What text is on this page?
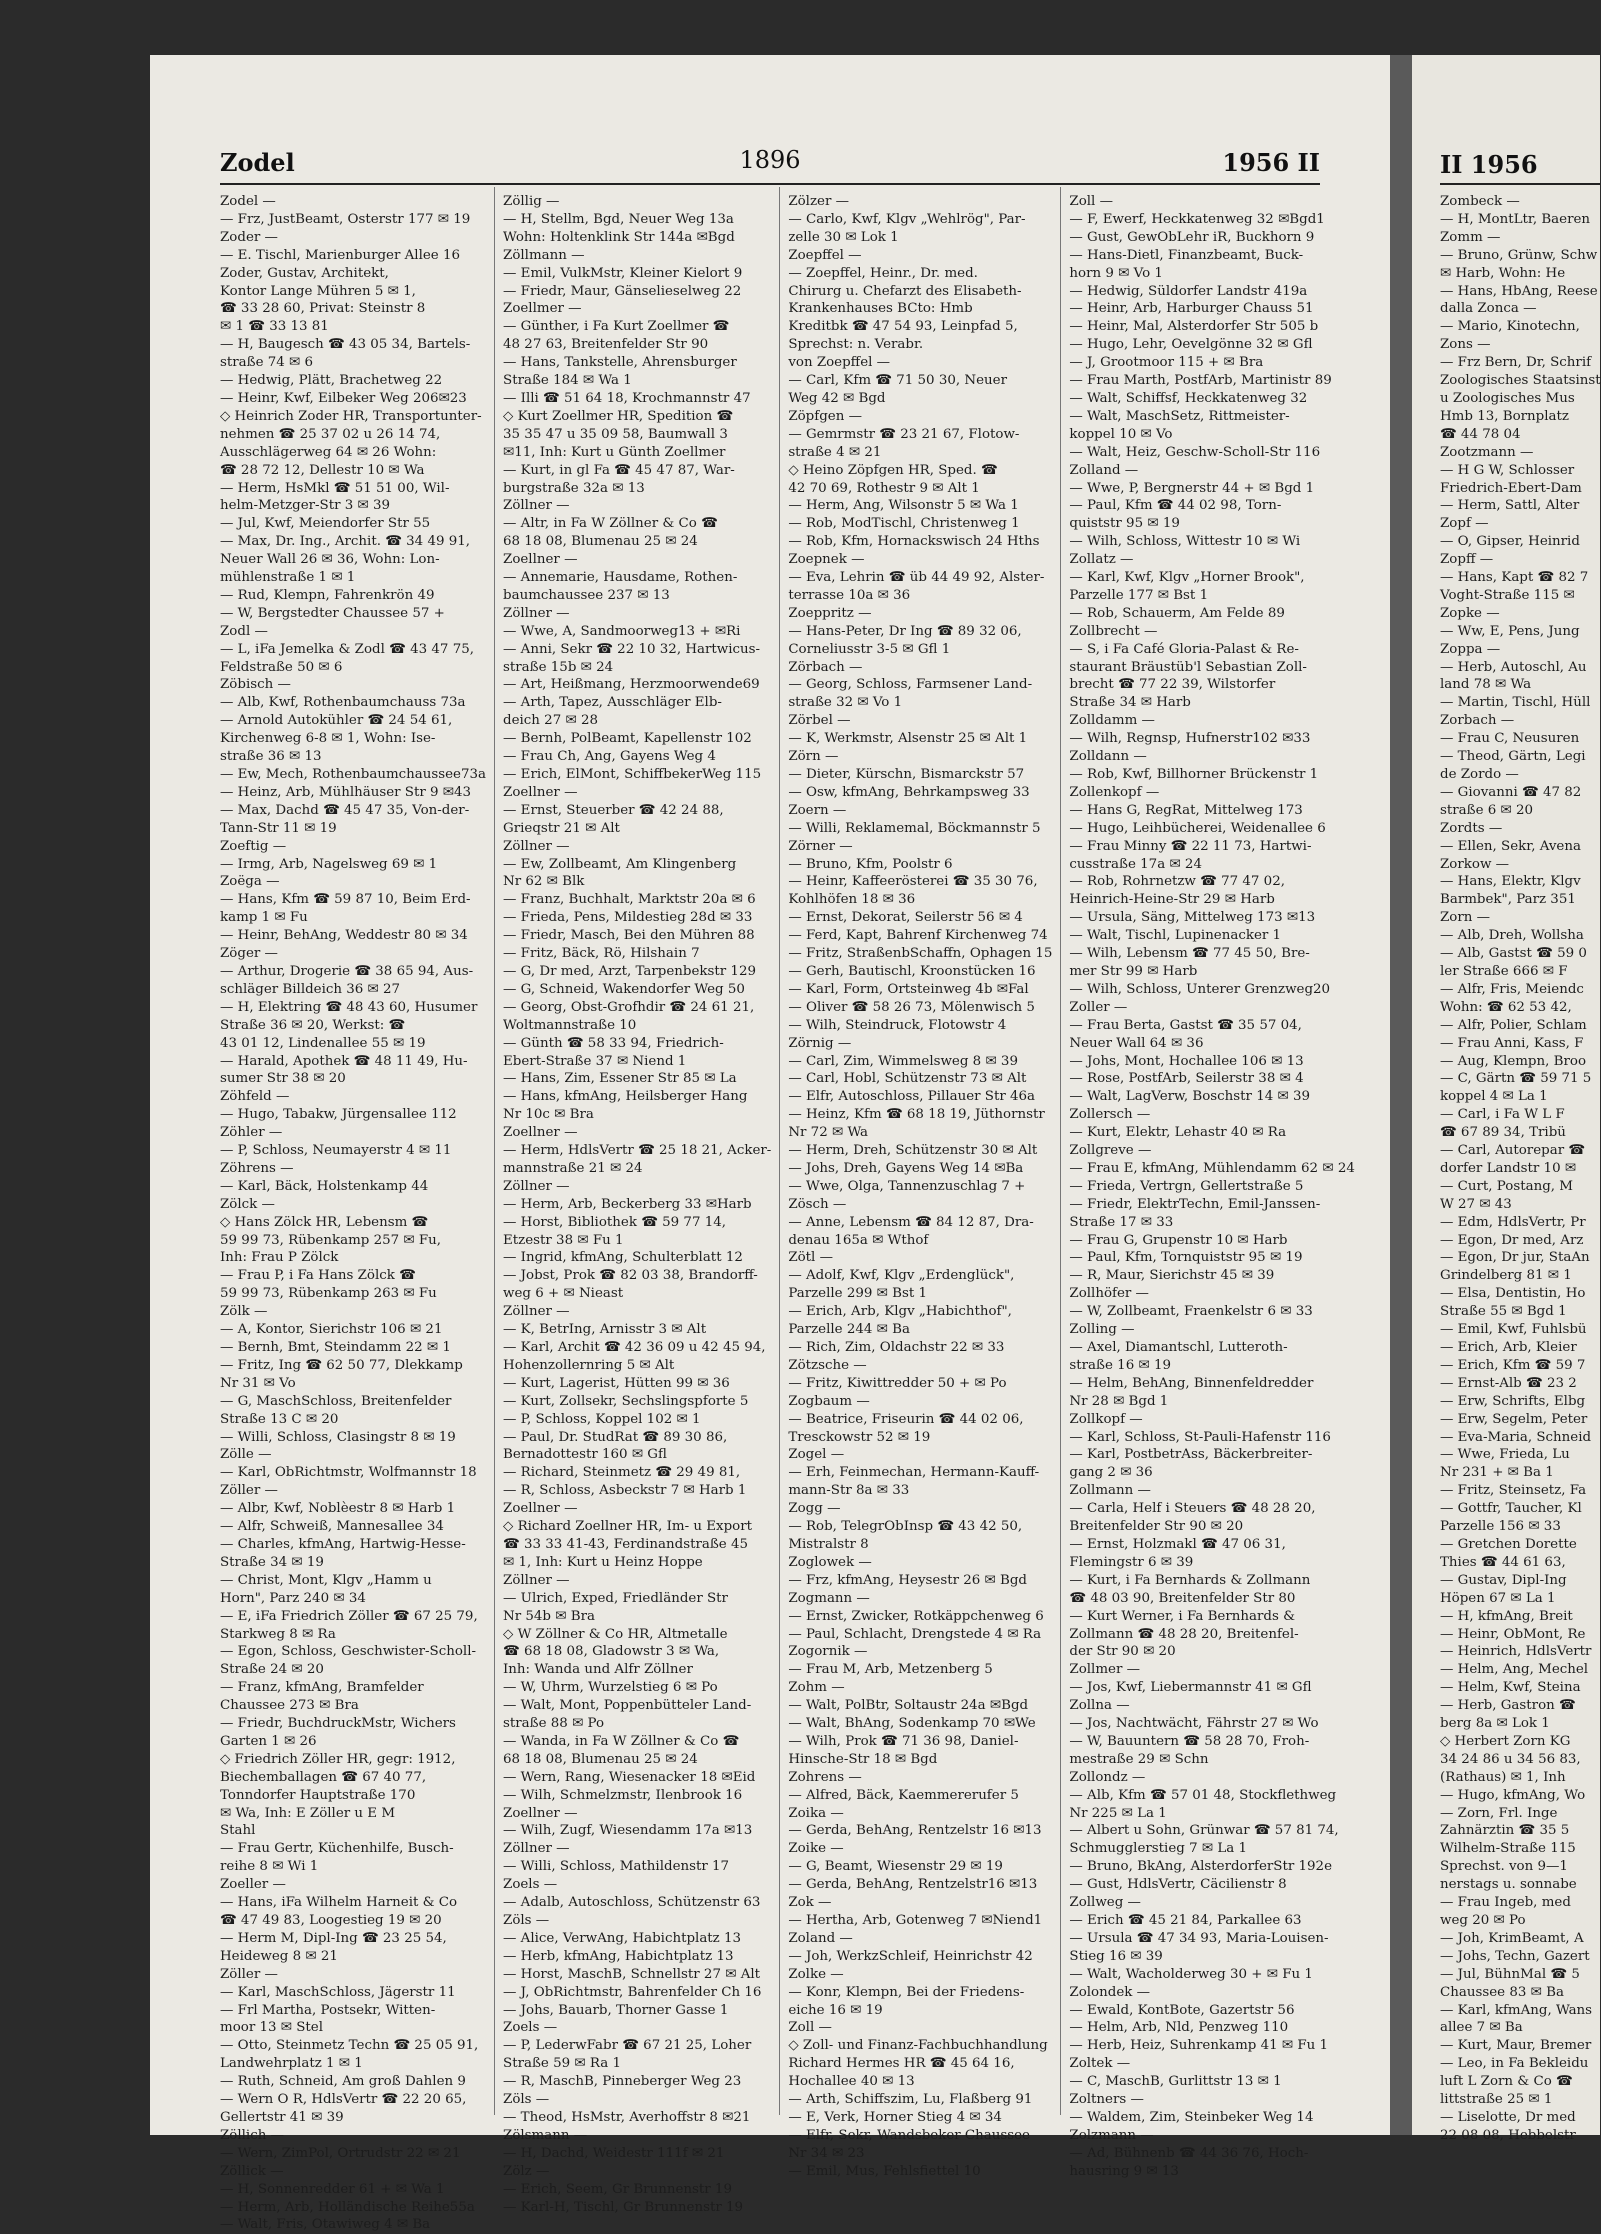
Zodel	1896	1956 II
Zodel —
— Frz, JustBeamt, Osterstr 177 ✉ 19
Zoder —
— E. Tischl, Marienburger Allee 16
Zoder, Gustav, Architekt,
Kontor Lange Mühren 5 ✉ 1,
☎ 33 28 60, Privat: Steinstr 8
✉ 1 ☎ 33 13 81
— H, Baugesch ☎ 43 05 34, Bartels-
straße 74 ✉ 6
— Hedwig, Plätt, Brachetweg 22
— Heinr, Kwf, Eilbeker Weg 206✉23
◇ Heinrich Zoder HR, Transportunter-
nehmen ☎ 25 37 02 u 26 14 74,
Ausschlägerweg 64 ✉ 26 Wohn:
☎ 28 72 12, Dellestr 10 ✉ Wa
— Herm, HsMkl ☎ 51 51 00, Wil-
helm-Metzger-Str 3 ✉ 39
— Jul, Kwf, Meiendorfer Str 55
— Max, Dr. Ing., Archit. ☎ 34 49 91,
Neuer Wall 26 ✉ 36, Wohn: Lon-
mühlenstraße 1 ✉ 1
— Rud, Klempn, Fahrenkrön 49
— W, Bergstedter Chaussee 57 +
Zodl —
— L, iFa Jemelka & Zodl ☎ 43 47 75,
Feldstraße 50 ✉ 6
Zöbisch —
— Alb, Kwf, Rothenbaumchauss 73a
— Arnold Autokühler ☎ 24 54 61,
Kirchenweg 6-8 ✉ 1, Wohn: Ise-
straße 36 ✉ 13
— Ew, Mech, Rothenbaumchaussee73a
— Heinz, Arb, Mühlhäuser Str 9 ✉43
— Max, Dachd ☎ 45 47 35, Von-der-
Tann-Str 11 ✉ 19
Zoeftig —
— Irmg, Arb, Nagelsweg 69 ✉ 1
Zoëga —
— Hans, Kfm ☎ 59 87 10, Beim Erd-
kamp 1 ✉ Fu
— Heinr, BehAng, Weddestr 80 ✉ 34
Zöger —
— Arthur, Drogerie ☎ 38 65 94, Aus-
schläger Billdeich 36 ✉ 27
— H, Elektring ☎ 48 43 60, Husumer
Straße 36 ✉ 20, Werkst: ☎
43 01 12, Lindenallee 55 ✉ 19
— Harald, Apothek ☎ 48 11 49, Hu-
sumer Str 38 ✉ 20
Zöhfeld —
— Hugo, Tabakw, Jürgensallee 112
Zöhler —
— P, Schloss, Neumayerstr 4 ✉ 11
Zöhrens —
— Karl, Bäck, Holstenkamp 44
Zölck —
◇ Hans Zölck HR, Lebensm ☎
59 99 73, Rübenkamp 257 ✉ Fu,
Inh: Frau P Zölck
— Frau P, i Fa Hans Zölck ☎
59 99 73, Rübenkamp 263 ✉ Fu
Zölk —
— A, Kontor, Sierichstr 106 ✉ 21
— Bernh, Bmt, Steindamm 22 ✉ 1
— Fritz, Ing ☎ 62 50 77, Dlekkamp
Nr 31 ✉ Vo
— G, MaschSchloss, Breitenfelder
Straße 13 C ✉ 20
— Willi, Schloss, Clasingstr 8 ✉ 19
Zölle —
— Karl, ObRichtmstr, Wolfmannstr 18
Zöller —
— Albr, Kwf, Noblèestr 8 ✉ Harb 1
— Alfr, Schweiß, Mannesallee 34
— Charles, kfmAng, Hartwig-Hesse-
Straße 34 ✉ 19
— Christ, Mont, Klgv „Hamm u
Horn", Parz 240 ✉ 34
— E, iFa Friedrich Zöller ☎ 67 25 79,
Starkweg 8 ✉ Ra
— Egon, Schloss, Geschwister-Scholl-
Straße 24 ✉ 20
— Franz, kfmAng, Bramfelder
Chaussee 273 ✉ Bra
— Friedr, BuchdruckMstr, Wichers
Garten 1 ✉ 26
◇ Friedrich Zöller HR, gegr: 1912,
Biechemballagen ☎ 67 40 77,
Tonndorfer Hauptstraße 170
✉ Wa, Inh: E Zöller u E M
Stahl
— Frau Gertr, Küchenhilfe, Busch-
reihe 8 ✉ Wi 1
Zoeller —
— Hans, iFa Wilhelm Harneit & Co
☎ 47 49 83, Loogestieg 19 ✉ 20
— Herm M, Dipl-Ing ☎ 23 25 54,
Heideweg 8 ✉ 21
Zöller —
— Karl, MaschSchloss, Jägerstr 11
— Frl Martha, Postsekr, Witten-
moor 13 ✉ Stel
— Otto, Steinmetz Techn ☎ 25 05 91,
Landwehrplatz 1 ✉ 1
— Ruth, Schneid, Am groß Dahlen 9
— Wern O R, HdlsVertr ☎ 22 20 65,
Gellertstr 41 ✉ 39
Zöllich —
— Wern, ZimPol, Ortrudstr 22 ✉ 21
Zöllick —
— H, Sonnenredder 61 + ✉ Wa 1
— Herm, Arb, Holländische Reihe55a
— Walt, Fris, Otawiweg 4 ✉ Ba
Zöllig —
— H, Stellm, Bgd, Neuer Weg 13a
Wohn: Holtenklink Str 144a ✉Bgd
Zöllmann —
— Emil, VulkMstr, Kleiner Kielort 9
— Friedr, Maur, Gänselieselweg 22
Zoellmer —
— Günther, i Fa Kurt Zoellmer ☎
48 27 63, Breitenfelder Str 90
— Hans, Tankstelle, Ahrensburger
Straße 184 ✉ Wa 1
— Illi ☎ 51 64 18, Krochmannstr 47
◇ Kurt Zoellmer HR, Spedition ☎
35 35 47 u 35 09 58, Baumwall 3
✉11, Inh: Kurt u Günth Zoellmer
— Kurt, in gl Fa ☎ 45 47 87, War-
burgstraße 32a ✉ 13
Zöllner —
— Altr, in Fa W Zöllner & Co ☎
68 18 08, Blumenau 25 ✉ 24
Zoellner —
— Annemarie, Hausdame, Rothen-
baumchaussee 237 ✉ 13
Zöllner —
— Wwe, A, Sandmoorweg13 + ✉Ri
— Anni, Sekr ☎ 22 10 32, Hartwicus-
straße 15b ✉ 24
— Art, Heißmang, Herzmoorwende69
— Arth, Tapez, Ausschläger Elb-
deich 27 ✉ 28
— Bernh, PolBeamt, Kapellenstr 102
— Frau Ch, Ang, Gayens Weg 4
— Erich, ElMont, SchiffbekerWeg 115
Zoellner —
— Ernst, Steuerber ☎ 42 24 88,
Grieqstr 21 ✉ Alt
Zöllner —
— Ew, Zollbeamt, Am Klingenberg
Nr 62 ✉ Blk
— Franz, Buchhalt, Marktstr 20a ✉ 6
— Frieda, Pens, Mildestieg 28d ✉ 33
— Friedr, Masch, Bei den Mühren 88
— Fritz, Bäck, Rö, Hilshain 7
— G, Dr med, Arzt, Tarpenbekstr 129
— G, Schneid, Wakendorfer Weg 50
— Georg, Obst-Grofhdir ☎ 24 61 21,
Woltmannstraße 10
— Günth ☎ 58 33 94, Friedrich-
Ebert-Straße 37 ✉ Niend 1
— Hans, Zim, Essener Str 85 ✉ La
— Hans, kfmAng, Heilsberger Hang
Nr 10c ✉ Bra
Zoellner —
— Herm, HdlsVertr ☎ 25 18 21, Acker-
mannstraße 21 ✉ 24
Zöllner —
— Herm, Arb, Beckerberg 33 ✉Harb
— Horst, Bibliothek ☎ 59 77 14,
Etzestr 38 ✉ Fu 1
— Ingrid, kfmAng, Schulterblatt 12
— Jobst, Prok ☎ 82 03 38, Brandorff-
weg 6 + ✉ Nieast
Zöllner —
— K, BetrIng, Arnisstr 3 ✉ Alt
— Karl, Archit ☎ 42 36 09 u 42 45 94,
Hohenzollernring 5 ✉ Alt
— Kurt, Lagerist, Hütten 99 ✉ 36
— Kurt, Zollsekr, Sechslingspforte 5
— P, Schloss, Koppel 102 ✉ 1
— Paul, Dr. StudRat ☎ 89 30 86,
Bernadottestr 160 ✉ Gfl
— Richard, Steinmetz ☎ 29 49 81,
— R, Schloss, Asbeckstr 7 ✉ Harb 1
Zoellner —
◇ Richard Zoellner HR, Im- u Export
☎ 33 33 41-43, Ferdinandstraße 45
✉ 1, Inh: Kurt u Heinz Hoppe
Zöllner —
— Ulrich, Exped, Friedländer Str
Nr 54b ✉ Bra
◇ W Zöllner & Co HR, Altmetalle
☎ 68 18 08, Gladowstr 3 ✉ Wa,
Inh: Wanda und Alfr Zöllner
— W, Uhrm, Wurzelstieg 6 ✉ Po
— Walt, Mont, Poppenbütteler Land-
straße 88 ✉ Po
— Wanda, in Fa W Zöllner & Co ☎
68 18 08, Blumenau 25 ✉ 24
— Wern, Rang, Wiesenacker 18 ✉Eid
— Wilh, Schmelzmstr, Ilenbrook 16
Zoellner —
— Wilh, Zugf, Wiesendamm 17a ✉13
Zöllner —
— Willi, Schloss, Mathildenstr 17
Zoels —
— Adalb, Autoschloss, Schützenstr 63
Zöls —
— Alice, VerwAng, Habichtplatz 13
— Herb, kfmAng, Habichtplatz 13
— Horst, MaschB, Schnellstr 27 ✉ Alt
— J, ObRichtmstr, Bahrenfelder Ch 16
— Johs, Bauarb, Thorner Gasse 1
Zoels —
— P, LederwFabr ☎ 67 21 25, Loher
Straße 59 ✉ Ra 1
— R, MaschB, Pinneberger Weg 23
Zöls —
— Theod, HsMstr, Averhoffstr 8 ✉21
Zölsmann —
— H, Dachd, Weidestr 111f ✉ 21
Zölz —
— Erich, Seem, Gr Brunnenstr 19
— Karl-H, Tischl, Gr Brunnenstr 19
Zölzer —
— Carlo, Kwf, Klgv „Wehlrög", Par-
zelle 30 ✉ Lok 1
Zoepffel —
— Zoepffel, Heinr., Dr. med.
Chirurg u. Chefarzt des Elisabeth-
Krankenhauses BCto: Hmb
Kreditbk ☎ 47 54 93, Leinpfad 5,
Sprechst: n. Verabr.
von Zoepffel —
— Carl, Kfm ☎ 71 50 30, Neuer
Weg 42 ✉ Bgd
Zöpfgen —
— Gemrmstr ☎ 23 21 67, Flotow-
straße 4 ✉ 21
◇ Heino Zöpfgen HR, Sped. ☎
42 70 69, Rothestr 9 ✉ Alt 1
— Herm, Ang, Wilsonstr 5 ✉ Wa 1
— Rob, ModTischl, Christenweg 1
— Rob, Kfm, Hornackswisch 24 Hths
Zoepnek —
— Eva, Lehrin ☎ üb 44 49 92, Alster-
terrasse 10a ✉ 36
Zoeppritz —
— Hans-Peter, Dr Ing ☎ 89 32 06,
Corneliusstr 3-5 ✉ Gfl 1
Zörbach —
— Georg, Schloss, Farmsener Land-
straße 32 ✉ Vo 1
Zörbel —
— K, Werkmstr, Alsenstr 25 ✉ Alt 1
Zörn —
— Dieter, Kürschn, Bismarckstr 57
— Osw, kfmAng, Behrkampsweg 33
Zoern —
— Willi, Reklamemal, Böckmannstr 5
Zörner —
— Bruno, Kfm, Poolstr 6
— Heinr, Kaffeerösterei ☎ 35 30 76,
Kohlhöfen 18 ✉ 36
— Ernst, Dekorat, Seilerstr 56 ✉ 4
— Ferd, Kapt, Bahrenf Kirchenweg 74
— Fritz, StraßenbSchaffn, Ophagen 15
— Gerh, Bautischl, Kroonstücken 16
— Karl, Form, Ortsteinweg 4b ✉Fal
— Oliver ☎ 58 26 73, Mölenwisch 5
— Wilh, Steindruck, Flotowstr 4
Zörnig —
— Carl, Zim, Wimmelsweg 8 ✉ 39
— Carl, Hobl, Schützenstr 73 ✉ Alt
— Elfr, Autoschloss, Pillauer Str 46a
— Heinz, Kfm ☎ 68 18 19, Jüthornstr
Nr 72 ✉ Wa
— Herm, Dreh, Schützenstr 30 ✉ Alt
— Johs, Dreh, Gayens Weg 14 ✉Ba
— Wwe, Olga, Tannenzuschlag 7 +
Zösch —
— Anne, Lebensm ☎ 84 12 87, Dra-
denau 165a ✉ Wthof
Zötl —
— Adolf, Kwf, Klgv „Erdenglück",
Parzelle 299 ✉ Bst 1
— Erich, Arb, Klgv „Habichthof",
Parzelle 244 ✉ Ba
— Rich, Zim, Oldachstr 22 ✉ 33
Zötzsche —
— Fritz, Kiwittredder 50 + ✉ Po
Zogbaum —
— Beatrice, Friseurin ☎ 44 02 06,
Tresckowstr 52 ✉ 19
Zogel —
— Erh, Feinmechan, Hermann-Kauff-
mann-Str 8a ✉ 33
Zogg —
— Rob, TelegrObInsp ☎ 43 42 50,
Mistralstr 8
Zoglowek —
— Frz, kfmAng, Heysestr 26 ✉ Bgd
Zogmann —
— Ernst, Zwicker, Rotkäppchenweg 6
— Paul, Schlacht, Drengstede 4 ✉ Ra
Zogornik —
— Frau M, Arb, Metzenberg 5
Zohm —
— Walt, PolBtr, Soltaustr 24a ✉Bgd
— Walt, BhAng, Sodenkamp 70 ✉We
— Wilh, Prok ☎ 71 36 98, Daniel-
Hinsche-Str 18 ✉ Bgd
Zohrens —
— Alfred, Bäck, Kaemmererufer 5
Zoika —
— Gerda, BehAng, Rentzelstr 16 ✉13
Zoike —
— G, Beamt, Wiesenstr 29 ✉ 19
— Gerda, BehAng, Rentzelstr16 ✉13
Zok —
— Hertha, Arb, Gotenweg 7 ✉Niend1
Zoland —
— Joh, WerkzSchleif, Heinrichstr 42
Zolke —
— Konr, Klempn, Bei der Friedens-
eiche 16 ✉ 19
Zoll —
◇ Zoll- und Finanz-Fachbuchhandlung
Richard Hermes HR ☎ 45 64 16,
Hochallee 40 ✉ 13
— Arth, Schiffszim, Lu, Flaßberg 91
— E, Verk, Horner Stieg 4 ✉ 34
— Elfr, Sekr, Wandsbeker Chaussee
Nr 34 ✉ 23
— Emil, Mus, Fehlsfiettel 10
Zoll —
— F, Ewerf, Heckkatenweg 32 ✉Bgd1
— Gust, GewObLehr iR, Buckhorn 9
— Hans-Dietl, Finanzbeamt, Buck-
horn 9 ✉ Vo 1
— Hedwig, Süldorfer Landstr 419a
— Heinr, Arb, Harburger Chauss 51
— Heinr, Mal, Alsterdorfer Str 505 b
— Hugo, Lehr, Oevelgönne 32 ✉ Gfl
— J, Grootmoor 115 + ✉ Bra
— Frau Marth, PostfArb, Martinistr 89
— Walt, Schiffsf, Heckkatenweg 32
— Walt, MaschSetz, Rittmeister-
koppel 10 ✉ Vo
— Walt, Heiz, Geschw-Scholl-Str 116
Zolland —
— Wwe, P, Bergnerstr 44 + ✉ Bgd 1
— Paul, Kfm ☎ 44 02 98, Torn-
quiststr 95 ✉ 19
— Wilh, Schloss, Wittestr 10 ✉ Wi
Zollatz —
— Karl, Kwf, Klgv „Horner Brook",
Parzelle 177 ✉ Bst 1
— Rob, Schauerm, Am Felde 89
Zollbrecht —
— S, i Fa Café Gloria-Palast & Re-
staurant Bräustüb'l Sebastian Zoll-
brecht ☎ 77 22 39, Wilstorfer
Straße 34 ✉ Harb
Zolldamm —
— Wilh, Regnsp, Hufnerstr102 ✉33
Zolldann —
— Rob, Kwf, Billhorner Brückenstr 1
Zollenkopf —
— Hans G, RegRat, Mittelweg 173
— Hugo, Leihbücherei, Weidenallee 6
— Frau Minny ☎ 22 11 73, Hartwi-
cusstraße 17a ✉ 24
— Rob, Rohrnetzw ☎ 77 47 02,
Heinrich-Heine-Str 29 ✉ Harb
— Ursula, Säng, Mittelweg 173 ✉13
— Walt, Tischl, Lupinenacker 1
— Wilh, Lebensm ☎ 77 45 50, Bre-
mer Str 99 ✉ Harb
— Wilh, Schloss, Unterer Grenzweg20
Zoller —
— Frau Berta, Gastst ☎ 35 57 04,
Neuer Wall 64 ✉ 36
— Johs, Mont, Hochallee 106 ✉ 13
— Rose, PostfArb, Seilerstr 38 ✉ 4
— Walt, LagVerw, Boschstr 14 ✉ 39
Zollersch —
— Kurt, Elektr, Lehastr 40 ✉ Ra
Zollgreve —
— Frau E, kfmAng, Mühlendamm 62 ✉ 24
— Frieda, Vertrgn, Gellertstraße 5
— Friedr, ElektrTechn, Emil-Janssen-
Straße 17 ✉ 33
— Frau G, Grupenstr 10 ✉ Harb
— Paul, Kfm, Tornquiststr 95 ✉ 19
— R, Maur, Sierichstr 45 ✉ 39
Zollhöfer —
— W, Zollbeamt, Fraenkelstr 6 ✉ 33
Zolling —
— Axel, Diamantschl, Lutteroth-
straße 16 ✉ 19
— Helm, BehAng, Binnenfeldredder
Nr 28 ✉ Bgd 1
Zollkopf —
— Karl, Schloss, St-Pauli-Hafenstr 116
— Karl, PostbetrAss, Bäckerbreiter-
gang 2 ✉ 36
Zollmann —
— Carla, Helf i Steuers ☎ 48 28 20,
Breitenfelder Str 90 ✉ 20
— Ernst, Holzmakl ☎ 47 06 31,
Flemingstr 6 ✉ 39
— Kurt, i Fa Bernhards & Zollmann
☎ 48 03 90, Breitenfelder Str 80
— Kurt Werner, i Fa Bernhards &
Zollmann ☎ 48 28 20, Breitenfel-
der Str 90 ✉ 20
Zollmer —
— Jos, Kwf, Liebermannstr 41 ✉ Gfl
Zollna —
— Jos, Nachtwächt, Fährstr 27 ✉ Wo
— W, Bauuntern ☎ 58 28 70, Froh-
mestraße 29 ✉ Schn
Zollondz —
— Alb, Kfm ☎ 57 01 48, Stockflethweg
Nr 225 ✉ La 1
— Albert u Sohn, Grünwar ☎ 57 81 74,
Schmugglerstieg 7 ✉ La 1
— Bruno, BkAng, AlsterdorferStr 192e
— Gust, HdlsVertr, Cäcilienstr 8
Zollweg —
— Erich ☎ 45 21 84, Parkallee 63
— Ursula ☎ 47 34 93, Maria-Louisen-
Stieg 16 ✉ 39
— Walt, Wacholderweg 30 + ✉ Fu 1
Zolondek —
— Ewald, KontBote, Gazertstr 56
— Helm, Arb, Nld, Penzweg 110
— Herb, Heiz, Suhrenkamp 41 ✉ Fu 1
Zoltek —
— C, MaschB, Gurlittstr 13 ✉ 1
Zoltners —
— Waldem, Zim, Steinbeker Weg 14
Zolzmann —
— Ad, Bühnenb ☎ 44 36 76, Hoch-
hausring 9 ✉ 13
II 1956
Zombeck —
— H, MontLtr, Baeren
Zomm —
— Bruno, Grünw, Schw
✉ Harb, Wohn: He
— Hans, HbAng, Reese
dalla Zonca —
— Mario, Kinotechn,
Zons —
— Frz Bern, Dr, Schrif
Zoologisches Staatsinst
u Zoologisches Mus
Hmb 13, Bornplatz
☎ 44 78 04
Zootzmann —
— H G W, Schlosser
Friedrich-Ebert-Dam
— Herm, Sattl, Alter
Zopf —
— O, Gipser, Heinrid
Zopff —
— Hans, Kapt ☎ 82 7
Voght-Straße 115 ✉
Zopke —
— Ww, E, Pens, Jung
Zoppa —
— Herb, Autoschl, Au
land 78 ✉ Wa
— Martin, Tischl, Hüll
Zorbach —
— Frau C, Neusuren
— Theod, Gärtn, Legi
de Zordo —
— Giovanni ☎ 47 82
straße 6 ✉ 20
Zordts —
— Ellen, Sekr, Avena
Zorkow —
— Hans, Elektr, Klgv
Barmbek", Parz 351
Zorn —
— Alb, Dreh, Wollsha
— Alb, Gastst ☎ 59 0
ler Straße 666 ✉ F
— Alfr, Fris, Meiendc
Wohn: ☎ 62 53 42,
— Alfr, Polier, Schlam
— Frau Anni, Kass, F
— Aug, Klempn, Broo
— C, Gärtn ☎ 59 71 5
koppel 4 ✉ La 1
— Carl, i Fa W L F
☎ 67 89 34, Tribü
— Carl, Autorepar ☎
dorfer Landstr 10 ✉
— Curt, Postang, M
W 27 ✉ 43
— Edm, HdlsVertr, Pr
— Egon, Dr med, Arz
— Egon, Dr jur, StaAn
Grindelberg 81 ✉ 1
— Elsa, Dentistin, Ho
Straße 55 ✉ Bgd 1
— Emil, Kwf, Fuhlsbü
— Erich, Arb, Kleier
— Erich, Kfm ☎ 59 7
— Ernst-Alb ☎ 23 2
— Erw, Schrifts, Elbg
— Erw, Segelm, Peter
— Eva-Maria, Schneid
— Wwe, Frieda, Lu
Nr 231 + ✉ Ba 1
— Fritz, Steinsetz, Fa
— Gottfr, Taucher, Kl
Parzelle 156 ✉ 33
— Gretchen Dorette
Thies ☎ 44 61 63,
— Gustav, Dipl-Ing
Höpen 67 ✉ La 1
— H, kfmAng, Breit
— Heinr, ObMont, Re
— Heinrich, HdlsVertr
— Helm, Ang, Mechel
— Helm, Kwf, Steina
— Herb, Gastron ☎
berg 8a ✉ Lok 1
◇ Herbert Zorn KG
34 24 86 u 34 56 83,
(Rathaus) ✉ 1, Inh
— Hugo, kfmAng, Wo
— Zorn, Frl. Inge
Zahnärztin ☎ 35 5
Wilhelm-Straße 115
Sprechst. von 9—1
nerstags u. sonnabe
— Frau Ingeb, med
weg 20 ✉ Po
— Joh, KrimBeamt, A
— Johs, Techn, Gazert
— Jul, BühnMal ☎ 5
Chaussee 83 ✉ Ba
— Karl, kfmAng, Wans
allee 7 ✉ Ba
— Kurt, Maur, Bremer
— Leo, in Fa Bekleidu
luft L Zorn & Co ☎
littstraße 25 ✉ 1
— Liselotte, Dr med
22 08 08, Hebbelstr
